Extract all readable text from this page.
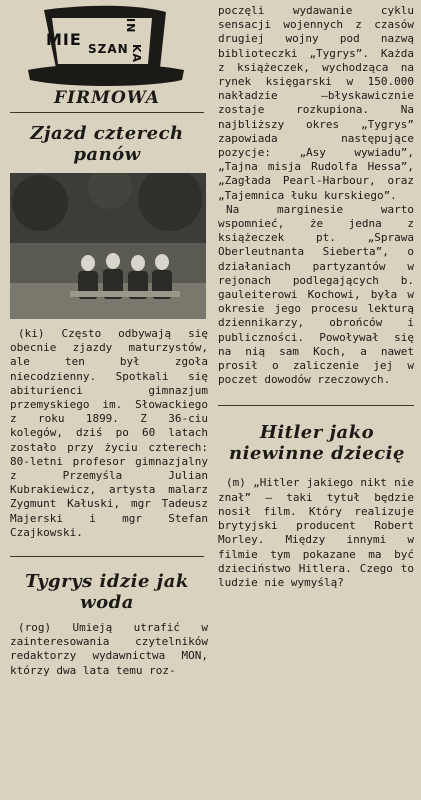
MIE SZAN
IN
KA
FIRMOWA
Zjazd czterech
panów

(ki) Często odbywają się obecnie zjazdy maturzystów, ale ten był zgoła niecodzienny. Spotkali się abiturienci gimnazjum przemyskiego im. Słowackiego z roku 1899. Z 36-ciu kolegów, dziś po 60 latach zostało przy życiu czterech: 80-letni profesor gimnazjalny z Przemyśla Julian Kubrakiewicz, artysta malarz Zygmunt Kałuski, mgr Tadeusz Majerski i mgr Stefan Czajkowski.

Tygrys idzie jak
woda

(rog) Umieją utrafić w zainteresowania czytelników redaktorzy wydawnictwa MON, którzy dwa lata temu roz-

poczęli wydawanie cyklu sensacji wojennych z czasów drugiej wojny pod nazwą biblioteczki „Tygrys”. Każda z książeczek, wychodząca na rynek księgarski w 150.000 nakładzie —błyskawicznie zostaje rozkupiona. Na najbliższy okres „Tygrys” zapowiada następujące pozycje: „Asy wywiadu”, „Tajna misja Rudolfa Hessa”, „Zagłada Pearl-Harbour, oraz „Tajemnica łuku kurskiego”.

Na marginesie warto wspomnieć, że jedna z książeczek pt. „Sprawa Oberleutnanta Sieberta”, o działaniach partyzantów w rejonach podlegających b. gauleiterowi Kochowi, była w okresie jego procesu lekturą dziennikarzy, obrońców i publiczności. Powoływał się na nią sam Koch, a nawet prosił o zaliczenie jej w poczet dowodów rzeczowych.

Hitler jako
niewinne dziecię

(m) „Hitler jakiego nikt nie znał” — taki tytuł będzie nosił film. Który realizuje brytyjski producent Robert Morley. Między innymi w filmie tym pokazane ma być dzieciństwo Hitlera. Czego to ludzie nie wymyślą?
